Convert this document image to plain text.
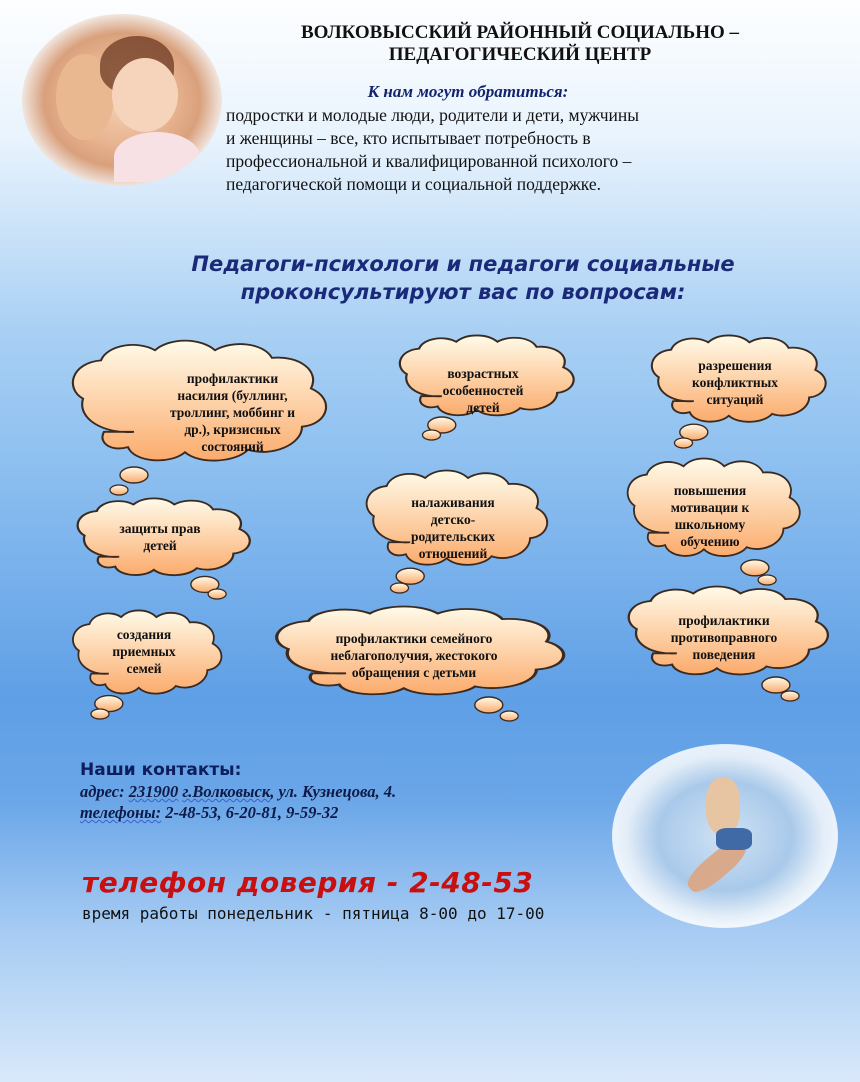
ВОЛКОВЫССКИЙ РАЙОННЫЙ СОЦИАЛЬНО –
ПЕДАГОГИЧЕСКИЙ ЦЕНТР
К нам могут обратиться:
подростки и молодые люди, родители и дети, мужчины
и женщины – все, кто испытывает потребность в
профессиональной и квалифицированной психолого –
педагогической помощи и социальной поддержке.
Педагоги-психологи и педагоги социальные
проконсультируют вас по вопросам:
профилактики
насилия (буллинг,
троллинг, моббинг и
др.), кризисных
состояний
возрастных
особенностей
детей
разрешения
конфликтных
ситуаций
защиты прав
детей
налаживания
детско-
родительских
отношений
повышения
мотивации к
школьному
обучению
создания
приемных
семей
профилактики семейного
неблагополучия, жестокого
обращения с детьми
профилактики
противоправного
поведения
Наши контакты:
адрес: 231900 г.Волковыск, ул. Кузнецова, 4.
телефоны: 2-48-53, 6-20-81, 9-59-32
телефон доверия - 2-48-53
время работы понедельник - пятница 8-00 до 17-00
